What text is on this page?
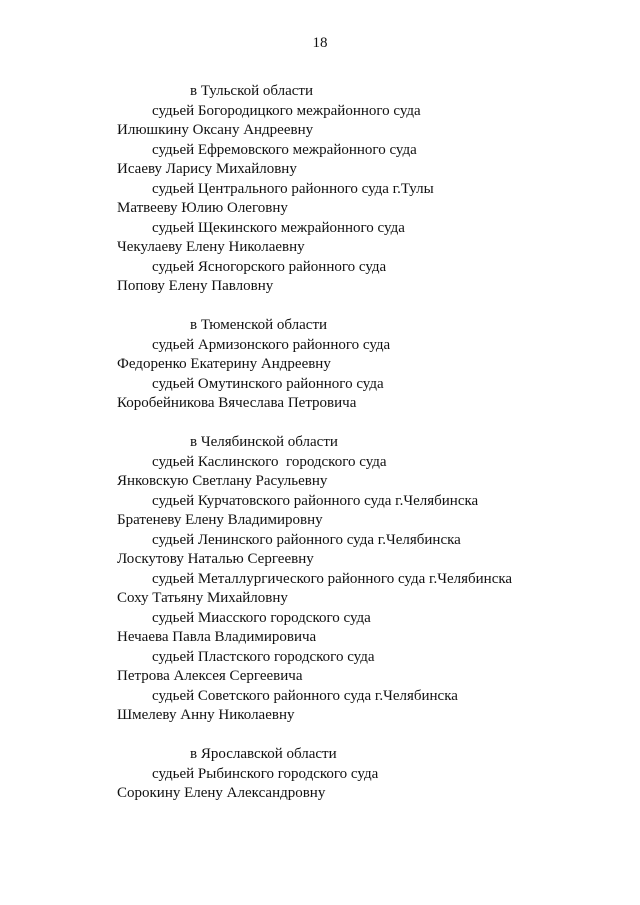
18
в Тульской области
судьей Богородицкого межрайонного суда
Илюшкину Оксану Андреевну
судьей Ефремовского межрайонного суда
Исаеву Ларису Михайловну
судьей Центрального районного суда г.Тулы
Матвееву Юлию Олеговну
судьей Щекинского межрайонного суда
Чекулаеву Елену Николаевну
судьей Ясногорского районного суда
Попову Елену Павловну
в Тюменской области
судьей Армизонского районного суда
Федоренко Екатерину Андреевну
судьей Омутинского районного суда
Коробейникова Вячеслава Петровича
в Челябинской области
судьей Каслинского  городского суда
Янковскую Светлану Расульевну
судьей Курчатовского районного суда г.Челябинска
Братеневу Елену Владимировну
судьей Ленинского районного суда г.Челябинска
Лоскутову Наталью Сергеевну
судьей Металлургического районного суда г.Челябинска
Соху Татьяну Михайловну
судьей Миасского городского суда
Нечаева Павла Владимировича
судьей Пластского городского суда
Петрова Алексея Сергеевича
судьей Советского районного суда г.Челябинска
Шмелеву Анну Николаевну
в Ярославской области
судьей Рыбинского городского суда
Сорокину Елену Александровну
